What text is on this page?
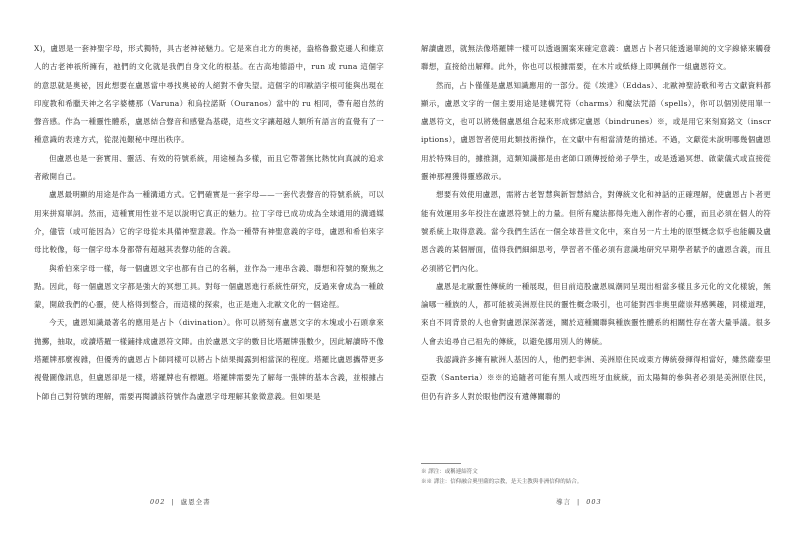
X)，盧恩是一套神聖字母，形式獨特，具古老神祕魅力。它是來自北方的奧祕，盎格魯撒克遜人和維京人的古老神祇所擁有，祂們的文化就是我們自身文化的根基。在古高地德語中，run 或 runa 這個字的意思就是奧祕，因此想要在盧恩當中尋找奧祕的人絕對不會失望。這個字的印歐語字根可能與出現在印度教和希臘天神之名字婆樓那（Varuna）和烏拉諾斯（Ouranos）當中的 ru 相同，帶有超自然的聲音感。作為一種靈性體系，盧恩結合聲音和感覺為基礎，這些文字讓超越人類所有語言的直覺有了一種意識的表達方式，從混沌艱秘中理出秩序。

但盧恩也是一套實用、靈活、有效的符號系統，用途極為多樣，而且它帶著無比熱忱向真誠的追求者敞開自己。

盧恩最明顯的用途是作為一種溝通方式。它們確實是一套字母——一套代表聲音的符號系統，可以用來拼寫單詞。然而，這種實用性並不足以說明它真正的魅力。拉丁字母已成功成為全球通用的溝通媒介，儘管（或可能因為）它的字母從未具備神聖意義。作為一種帶有神聖意義的字母，盧恩和希伯來字母比較像，每一個字母本身都帶有超越其表聲功能的含義。

與希伯來字母一樣，每一個盧恩文字也都有自己的名稱，並作為一連串含義、聯想和符號的聚焦之點。因此，每一個盧恩文字都是強大的冥想工具。對每一個盧恩進行系統性研究，反過來會成為一種啟蒙，開啟我們的心靈，使人格得到整合，而這樣的探索，也正是進入北歐文化的一個途徑。

今天，盧恩知識最著名的應用是占卜（divination）。你可以將刻有盧恩文字的木塊或小石頭拿來拋擲，抽取，或讀塔羅一樣鋪排成盧恩符文陣。由於盧恩文字的數目比塔羅牌張數少，因此解讀時不像塔羅牌那麼複雜，但優秀的盧恩占卜師同樣可以將占卜結果揭露到相當深的程度。塔羅比盧恩攜帶更多視覺圖像訊息，但盧恩卻是一樣，塔羅牌也有標題。塔羅牌需要先了解每一張牌的基本含義，並根據占卜師自己對符號的理解，需要再閱讀該符號作為盧恩字母理解其象徵意義。但如果是

解讀盧恩，就無法像塔羅牌一樣可以透過圖案來確定意義：盧恩占卜者只能透過單純的文字線條來觸發聯想，直接給出解釋。此外，你也可以根據需要，在木片或紙條上即興創作一組盧恩符文。

然而，占卜僅僅是盧恩知識應用的一部分。從《埃達》（Eddas）、北歐神聖詩歌和考古文獻資料都顯示，盧恩文字的一個主要用途是建構咒符（charms）和魔法咒語（spells），你可以個別使用單一盧恩符文，也可以將幾個盧恩組合起來形成綁定盧恩（bindrunes）※，或是用它來刻寫銘文（inscriptions），盧恩智者使用此類技術操作，在文獻中有相當清楚的描述。不過，文獻從未說明哪幾個盧恩用於特殊目的，據推測，這類知識都是由老師口頭傳授給弟子學生，或是透過冥想、啟蒙儀式或直接從靈神那裡獲得靈感啟示。

想要有效使用盧恩，需將古老智慧與新智慧結合，對傳統文化和神話的正確理解，使盧恩占卜者更能有效運用多年投注在盧恩符號上的力量。但所有魔法都得先進入創作者的心靈，而且必須在個人的符號系統上取得意義。當今我們生活在一個全球普世文化中，來自另一片土地的原型概念似乎也能觸及盧恩含義的某個層面，值得我們細細思考，學習者不僅必須有意識地研究早期學者賦予的盧恩含義，而且必須將它們內化。

盧恩是北歐靈性傳統的一種展現，但目前這股盧恩風潮同呈現出相當多樣且多元化的文化樣貌，無論哪一種族的人，都可能被美洲原住民的靈性概念吸引，也可能對西非奧里薩崇拜感興趣，同樣道理，來自不同背景的人也會對盧恩深深著迷，關於這種關聯與種族靈性體系的相關性存在著大量爭議。很多人會去追尋自己祖先的傳統，以避免挪用別人的傳統。

我認識許多擁有歐洲人基因的人，他們把非洲、美洲原住民或東方傳統發揮得相當好，雖然薩泰里亞教（Santeria）※※的追隨者可能有黑人或西班牙血統統，而太陽舞的參與者必須是美洲原住民，但仍有許多人對於眼他們沒有遺傳關聯的

※ 譯注：或稱連結符文
※※ 譯注：信仰融合奧里薩的宗教，是天主教與非洲信仰的結合。
002 | 盧恩全書	導言 | 003
